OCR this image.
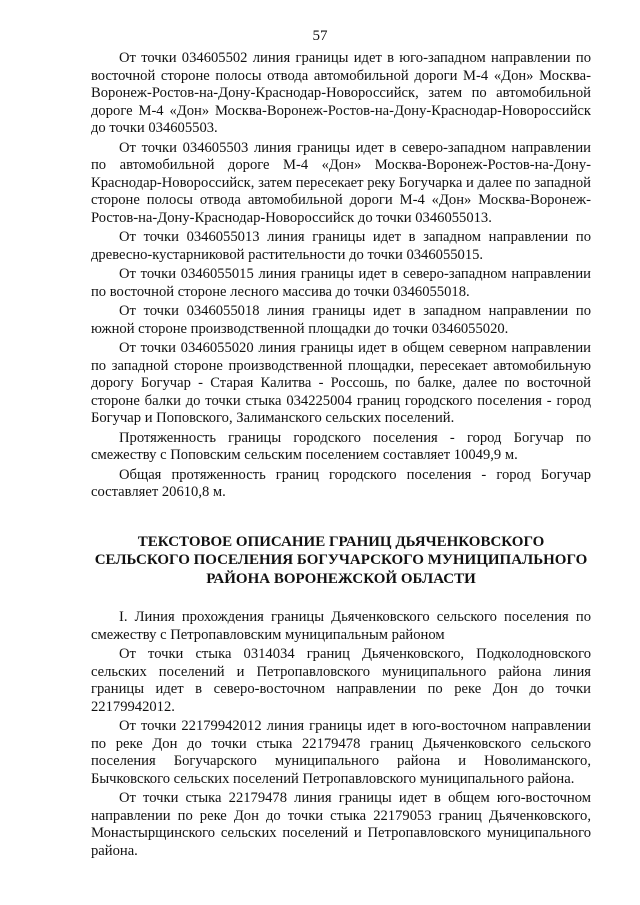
57

От точки 034605502 линия границы идет в юго-западном направлении по восточной стороне полосы отвода автомобильной дороги М-4 «Дон» Москва-Воронеж-Ростов-на-Дону-Краснодар-Новороссийск, затем по автомобильной дороге М-4 «Дон» Москва-Воронеж-Ростов-на-Дону-Краснодар-Новороссийск до точки 034605503.

От точки 034605503 линия границы идет в северо-западном направлении по автомобильной дороге М-4 «Дон» Москва-Воронеж-Ростов-на-Дону-Краснодар-Новороссийск, затем пересекает реку Богучарка и далее по западной стороне полосы отвода автомобильной дороги М-4 «Дон» Москва-Воронеж-Ростов-на-Дону-Краснодар-Новороссийск до точки 0346055013.

От точки 0346055013 линия границы идет в западном направлении по древесно-кустарниковой растительности до точки 0346055015.

От точки 0346055015 линия границы идет в северо-западном направлении по восточной стороне лесного массива до точки 0346055018.

От точки 0346055018 линия границы идет в западном направлении по южной стороне производственной площадки до точки 0346055020.

От точки 0346055020 линия границы идет в общем северном направлении по западной стороне производственной площадки, пересекает автомобильную дорогу Богучар - Старая Калитва - Россошь, по балке, далее по восточной стороне балки до точки стыка 034225004 границ городского поселения - город Богучар и Поповского, Залиманского сельских поселений.

Протяженность границы городского поселения - город Богучар по смежеству с Поповским сельским поселением составляет 10049,9 м.

Общая протяженность границ городского поселения - город Богучар составляет 20610,8 м.

ТЕКСТОВОЕ ОПИСАНИЕ ГРАНИЦ ДЬЯЧЕНКОВСКОГО
СЕЛЬСКОГО ПОСЕЛЕНИЯ БОГУЧАРСКОГО МУНИЦИПАЛЬНОГО
РАЙОНА ВОРОНЕЖСКОЙ ОБЛАСТИ

I. Линия прохождения границы Дьяченковского сельского поселения по смежеству с Петропавловским муниципальным районом

От точки стыка 0314034 границ Дьяченковского, Подколодновского сельских поселений и Петропавловского муниципального района линия границы идет в северо-восточном направлении по реке Дон до точки 22179942012.

От точки 22179942012 линия границы идет в юго-восточном направлении по реке Дон до точки стыка 22179478 границ Дьяченковского сельского поселения Богучарского муниципального района и Новолиманского, Бычковского сельских поселений Петропавловского муниципального района.

От точки стыка 22179478 линия границы идет в общем юго-восточном направлении по реке Дон до точки стыка 22179053 границ Дьяченковского, Монастырщинского сельских поселений и Петропавловского муниципального района.
